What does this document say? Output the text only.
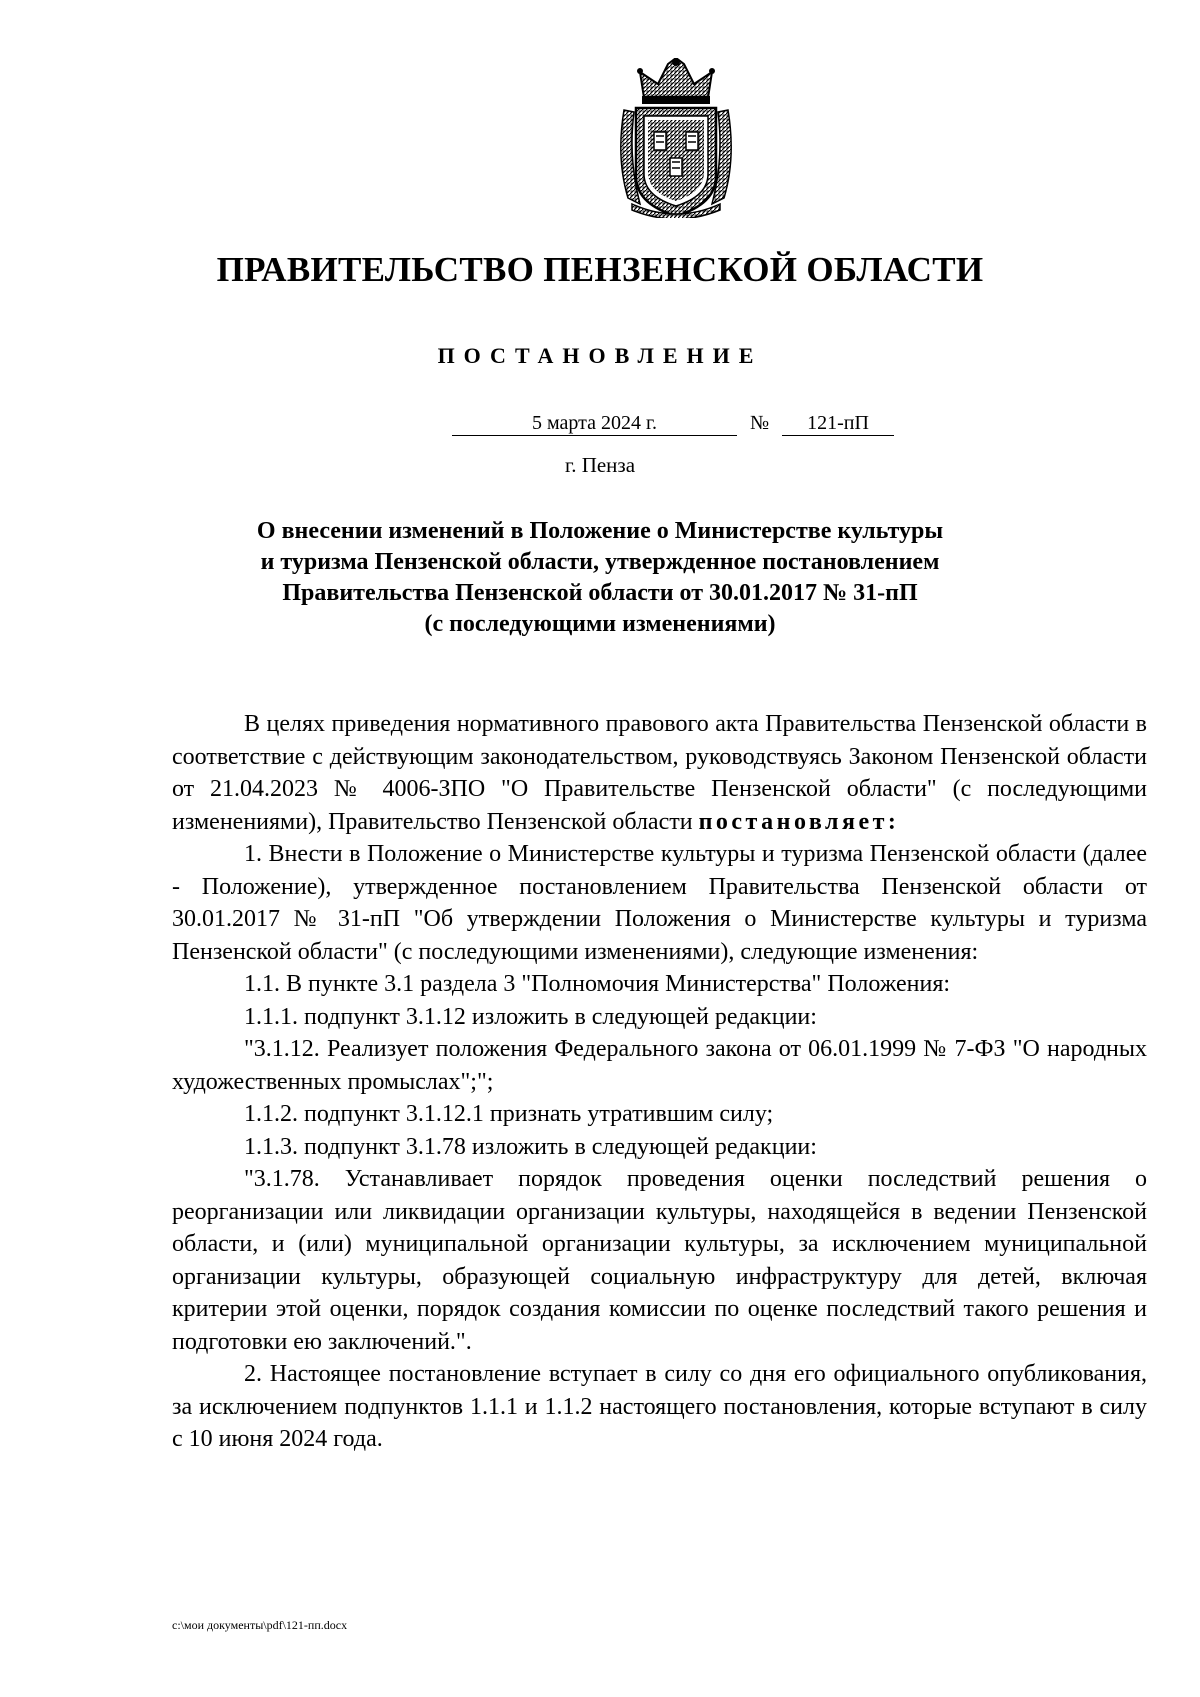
ПРАВИТЕЛЬСТВО ПЕНЗЕНСКОЙ ОБЛАСТИ
ПОСТАНОВЛЕНИЕ
5 марта 2024 г.	№	121-пП
г. Пенза
О внесении изменений в Положение о Министерстве культуры
и туризма Пензенской области, утвержденное постановлением
Правительства Пензенской области от 30.01.2017 № 31-пП
(с последующими изменениями)

В целях приведения нормативного правового акта Правительства Пензенской области в соответствие с действующим законодательством, руководствуясь Законом Пензенской области от 21.04.2023 № 4006-ЗПО "О Правительстве Пензенской области" (с последующими изменениями), Правительство Пензенской области постановляет:

1. Внести в Положение о Министерстве культуры и туризма Пензенской области (далее - Положение), утвержденное постановлением Правительства Пензенской области от 30.01.2017 № 31-пП "Об утверждении Положения о Министерстве культуры и туризма Пензенской области" (с последующими изменениями), следующие изменения:

1.1. В пункте 3.1 раздела 3 "Полномочия Министерства" Положения:

1.1.1. подпункт 3.1.12 изложить в следующей редакции:

"3.1.12. Реализует положения Федерального закона от 06.01.1999 № 7-ФЗ "О народных художественных промыслах";";

1.1.2. подпункт 3.1.12.1 признать утратившим силу;

1.1.3. подпункт 3.1.78 изложить в следующей редакции:

"3.1.78. Устанавливает порядок проведения оценки последствий решения о реорганизации или ликвидации организации культуры, находящейся в ведении Пензенской области, и (или) муниципальной организации культуры, за исключением муниципальной организации культуры, образующей социальную инфраструктуру для детей, включая критерии этой оценки, порядок создания комиссии по оценке последствий такого решения и подготовки ею заключений.".

2. Настоящее постановление вступает в силу со дня его официального опубликования, за исключением подпунктов 1.1.1 и 1.1.2 настоящего постановления, которые вступают в силу с 10 июня 2024 года.

c:\мои документы\pdf\121-пп.docx
